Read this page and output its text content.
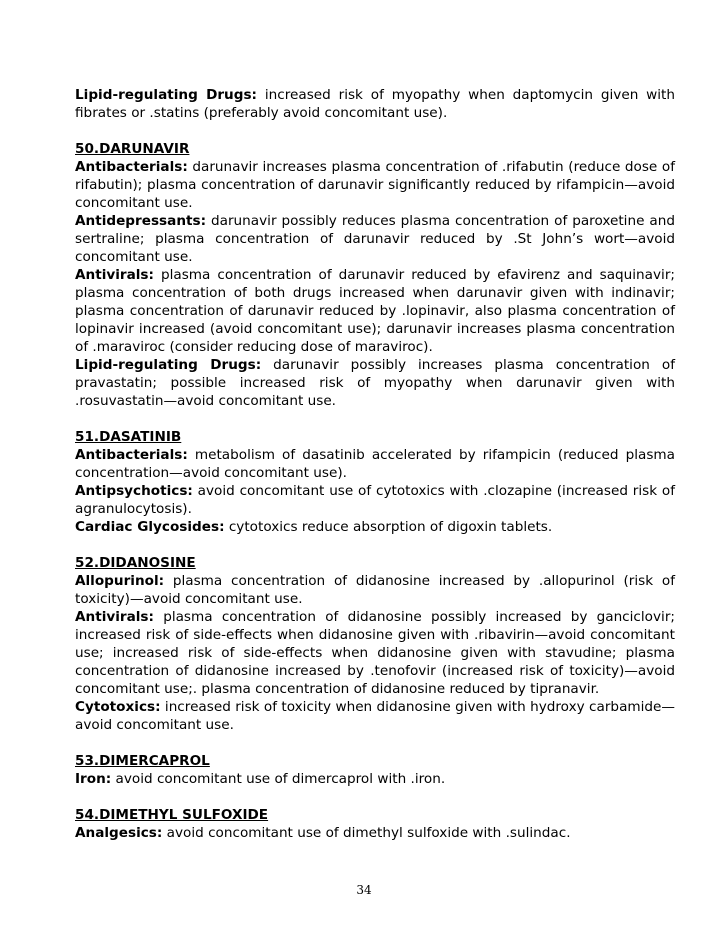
Lipid-regulating Drugs: increased risk of myopathy when daptomycin given with fibrates or .statins (preferably avoid concomitant use).

50.DARUNAVIR

Antibacterials: darunavir increases plasma concentration of .rifabutin (reduce dose of rifabutin); plasma concentration of darunavir significantly reduced by rifampicin—avoid concomitant use.

Antidepressants: darunavir possibly reduces plasma concentration of paroxetine and sertraline; plasma concentration of darunavir reduced by .St John’s wort—avoid concomitant use.

Antivirals: plasma concentration of darunavir reduced by efavirenz and saquinavir; plasma concentration of both drugs increased when darunavir given with indinavir; plasma concentration of darunavir reduced by .lopinavir, also plasma concentration of lopinavir increased (avoid concomitant use); darunavir increases plasma concentration of .maraviroc (consider reducing dose of maraviroc).

Lipid-regulating Drugs: darunavir possibly increases plasma concentration of pravastatin; possible increased risk of myopathy when darunavir given with .rosuvastatin—avoid concomitant use.

51.DASATINIB

Antibacterials: metabolism of dasatinib accelerated by rifampicin (reduced plasma concentration—avoid concomitant use).

Antipsychotics: avoid concomitant use of cytotoxics with .clozapine (increased risk of agranulocytosis).

Cardiac Glycosides: cytotoxics reduce absorption of digoxin tablets.

52.DIDANOSINE

Allopurinol: plasma concentration of didanosine increased by .allopurinol (risk of toxicity)—avoid concomitant use.

Antivirals: plasma concentration of didanosine possibly increased by ganciclovir; increased risk of side-effects when didanosine given with .ribavirin—avoid concomitant use; increased risk of side-effects when didanosine given with stavudine; plasma concentration of didanosine increased by .tenofovir (increased risk of toxicity)—avoid concomitant use;. plasma concentration of didanosine reduced by tipranavir.

Cytotoxics: increased risk of toxicity when didanosine given with hydroxy carbamide—avoid concomitant use.

53.DIMERCAPROL

Iron: avoid concomitant use of dimercaprol with .iron.

54.DIMETHYL SULFOXIDE

Analgesics: avoid concomitant use of dimethyl sulfoxide with .sulindac.

34
